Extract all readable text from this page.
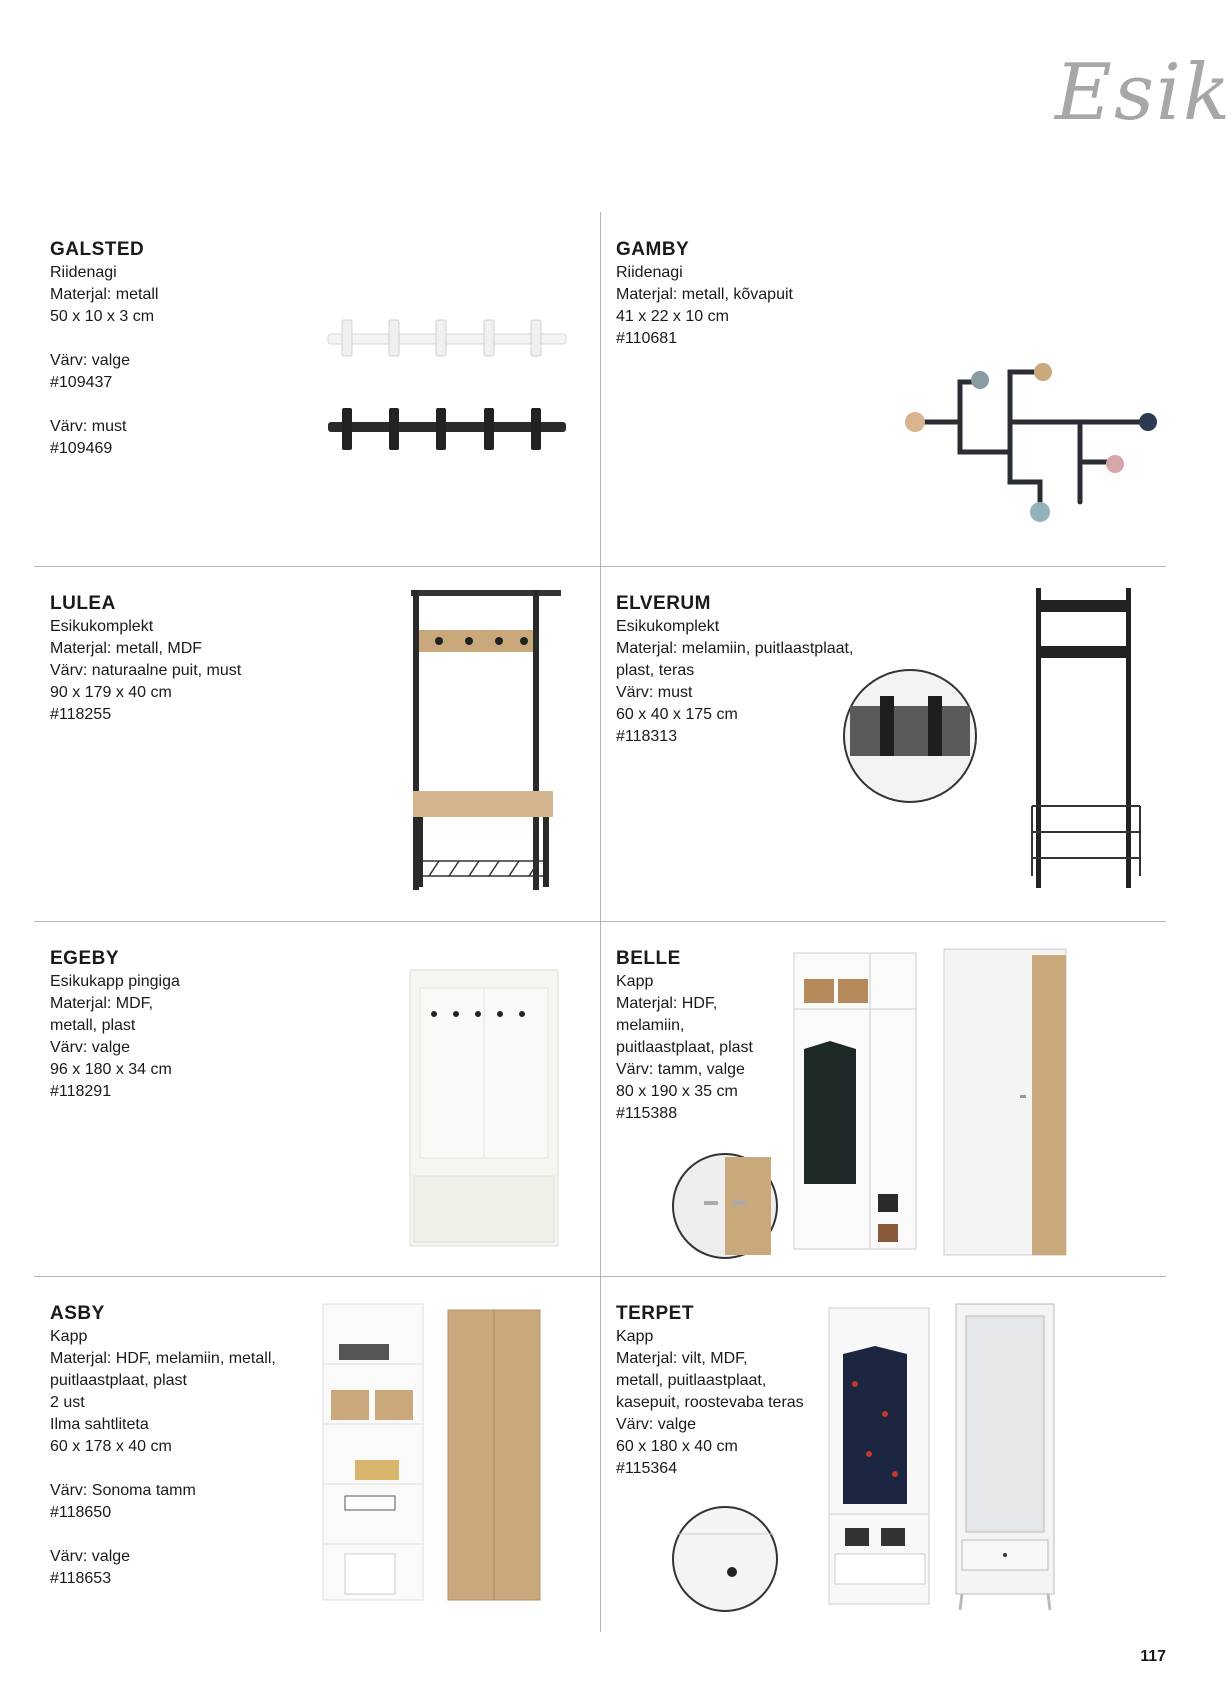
Esik
GALSTED
Riidenagi
Materjal: metall
50 x 10 x 3 cm
Värv: valge
#109437
Värv: must
#109469
GAMBY
Riidenagi
Materjal: metall, kõvapuit
41 x 22 x 10 cm
#110681
LULEA
Esikukomplekt
Materjal: metall, MDF
Värv: naturaalne puit, must
90 x 179 x 40 cm
#118255
ELVERUM
Esikukomplekt
Materjal: melamiin, puitlaastplaat,
plast, teras
Värv: must
60 x 40 x 175 cm
#118313
EGEBY
Esikukapp pingiga
Materjal: MDF,
metall, plast
Värv: valge
96 x 180 x 34 cm
#118291
BELLE
Kapp
Materjal: HDF,
melamiin,
puitlaastplaat, plast
Värv: tamm, valge
80 x 190 x 35 cm
#115388
ASBY
Kapp
Materjal: HDF, melamiin, metall,
puitlaastplaat, plast
2 ust
Ilma sahtliteta
60 x 178 x 40 cm
Värv: Sonoma tamm
#118650
Värv: valge
#118653
TERPET
Kapp
Materjal: vilt, MDF,
metall, puitlaastplaat,
kasepuit, roostevaba teras
Värv: valge
60 x 180 x 40 cm
#115364
117
